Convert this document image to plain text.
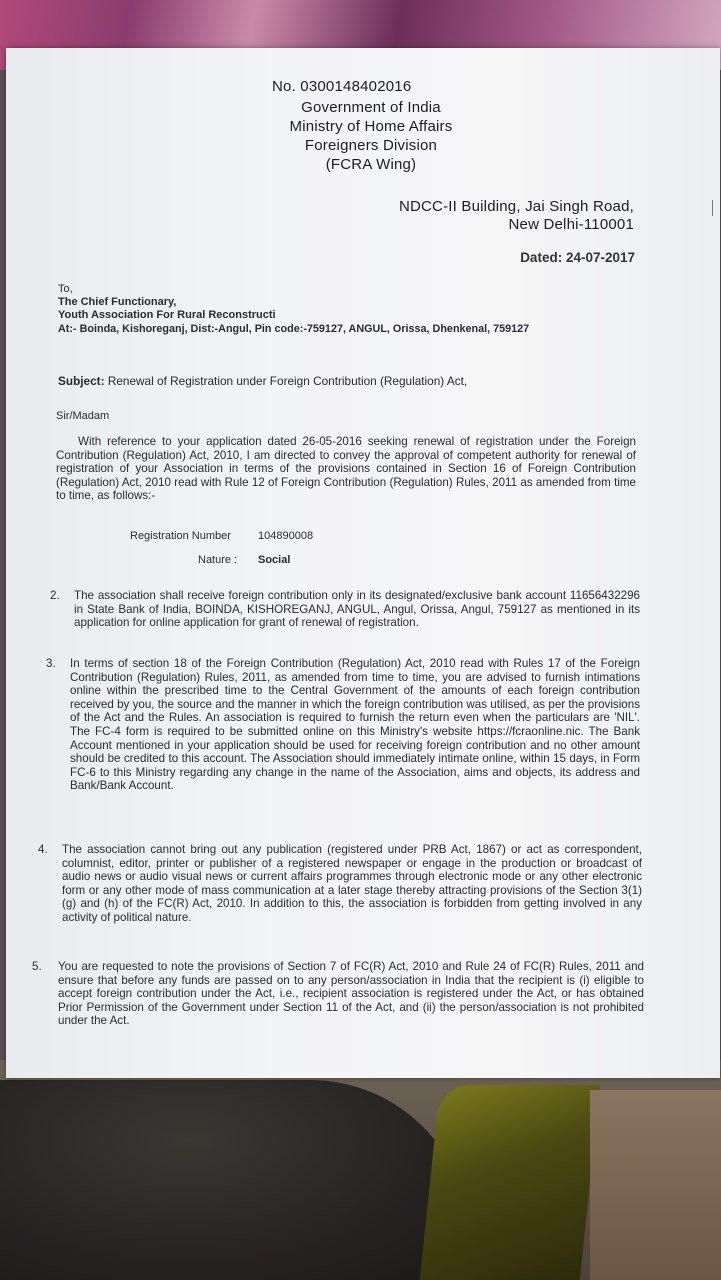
No. 0300148402016
Government of India
Ministry of Home Affairs
Foreigners Division
(FCRA Wing)
NDCC-II Building, Jai Singh Road,
New Delhi-110001
Dated: 24-07-2017
To,
The Chief Functionary,
Youth Association For Rural Reconstructi
At:- Boinda, Kishoreganj, Dist:-Angul, Pin code:-759127, ANGUL, Orissa, Dhenkenal, 759127
Subject: Renewal of Registration under Foreign Contribution (Regulation) Act,
Sir/Madam
With reference to your application dated 26-05-2016 seeking renewal of registration under the Foreign Contribution (Regulation) Act, 2010, I am directed to convey the approval of competent authority for renewal of registration of your Association in terms of the provisions contained in Section 16 of Foreign Contribution (Regulation) Act, 2010 read with Rule 12 of Foreign Contribution (Regulation) Rules, 2011 as amended from time to time, as follows:-
Registration Number 104890008
Nature : Social
2. The association shall receive foreign contribution only in its designated/exclusive bank account 11656432296 in State Bank of India, BOINDA, KISHOREGANJ, ANGUL, Angul, Orissa, Angul, 759127 as mentioned in its application for online application for grant of renewal of registration.
3. In terms of section 18 of the Foreign Contribution (Regulation) Act, 2010 read with Rules 17 of the Foreign Contribution (Regulation) Rules, 2011, as amended from time to time, you are advised to furnish intimations online within the prescribed time to the Central Government of the amounts of each foreign contribution received by you, the source and the manner in which the foreign contribution was utilised, as per the provisions of the Act and the Rules. An association is required to furnish the return even when the particulars are 'NIL'. The FC-4 form is required to be submitted online on this Ministry's website https://fcraonline.nic. The Bank Account mentioned in your application should be used for receiving foreign contribution and no other amount should be credited to this account. The Association should immediately intimate online, within 15 days, in Form FC-6 to this Ministry regarding any change in the name of the Association, aims and objects, its address and Bank/Bank Account.
4. The association cannot bring out any publication (registered under PRB Act, 1867) or act as correspondent, columnist, editor, printer or publisher of a registered newspaper or engage in the production or broadcast of audio news or audio visual news or current affairs programmes through electronic mode or any other electronic form or any other mode of mass communication at a later stage thereby attracting provisions of the Section 3(1) (g) and (h) of the FC(R) Act, 2010. In addition to this, the association is forbidden from getting involved in any activity of political nature.
5. You are requested to note the provisions of Section 7 of FC(R) Act, 2010 and Rule 24 of FC(R) Rules, 2011 and ensure that before any funds are passed on to any person/association in India that the recipient is (i) eligible to accept foreign contribution under the Act, i.e., recipient association is registered under the Act, or has obtained Prior Permission of the Government under Section 11 of the Act, and (ii) the person/association is not prohibited under the Act.
